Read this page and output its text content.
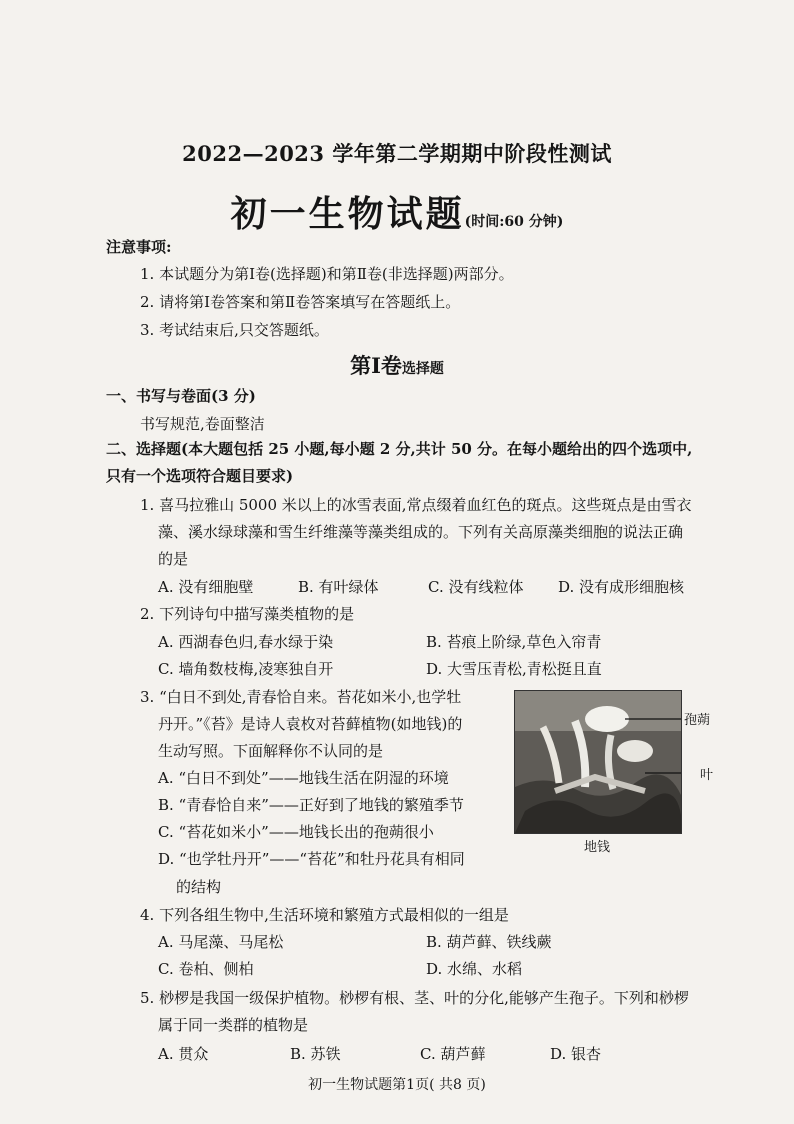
2022—2023 学年第二学期期中阶段性测试
初一生物试题(时间:60 分钟)
注意事项:
1. 本试题分为第Ⅰ卷(选择题)和第Ⅱ卷(非选择题)两部分。
2. 请将第Ⅰ卷答案和第Ⅱ卷答案填写在答题纸上。
3. 考试结束后,只交答题纸。
第Ⅰ卷选择题
一、书写与卷面(3 分)
书写规范,卷面整洁
二、选择题(本大题包括 25 小题,每小题 2 分,共计 50 分。在每小题给出的四个选项中,
只有一个选项符合题目要求)
1. 喜马拉雅山 5000 米以上的冰雪表面,常点缀着血红色的斑点。这些斑点是由雪衣
藻、溪水绿球藻和雪生纤维藻等藻类组成的。下列有关高原藻类细胞的说法正确
的是
A. 没有细胞壁	B. 有叶绿体	C. 没有线粒体 D. 没有成形细胞核
2. 下列诗句中描写藻类植物的是
A. 西湖春色归,春水绿于染	B. 苔痕上阶绿,草色入帘青
C. 墙角数枝梅,凌寒独自开	D. 大雪压青松,青松挺且直
3. “白日不到处,青春恰自来。苔花如米小,也学牡
丹开。”《苔》是诗人袁枚对苔藓植物(如地钱)的
生动写照。下面解释你不认同的是
A. “白日不到处”——地钱生活在阴湿的环境
B. “青春恰自来”——正好到了地钱的繁殖季节
C. “苔花如米小”——地钱长出的孢蒴很小
D. “也学牡丹开”——“苔花”和牡丹花具有相同
的结构
孢蒴
叶
地钱
4. 下列各组生物中,生活环境和繁殖方式最相似的一组是
A. 马尾藻、马尾松	B. 葫芦藓、铁线蕨
C. 卷柏、侧柏	D. 水绵、水稻
5. 桫椤是我国一级保护植物。桫椤有根、茎、叶的分化,能够产生孢子。下列和桫椤
属于同一类群的植物是
A. 贯众	B. 苏铁	C. 葫芦藓	D. 银杏
初一生物试题第1页( 共8 页)
